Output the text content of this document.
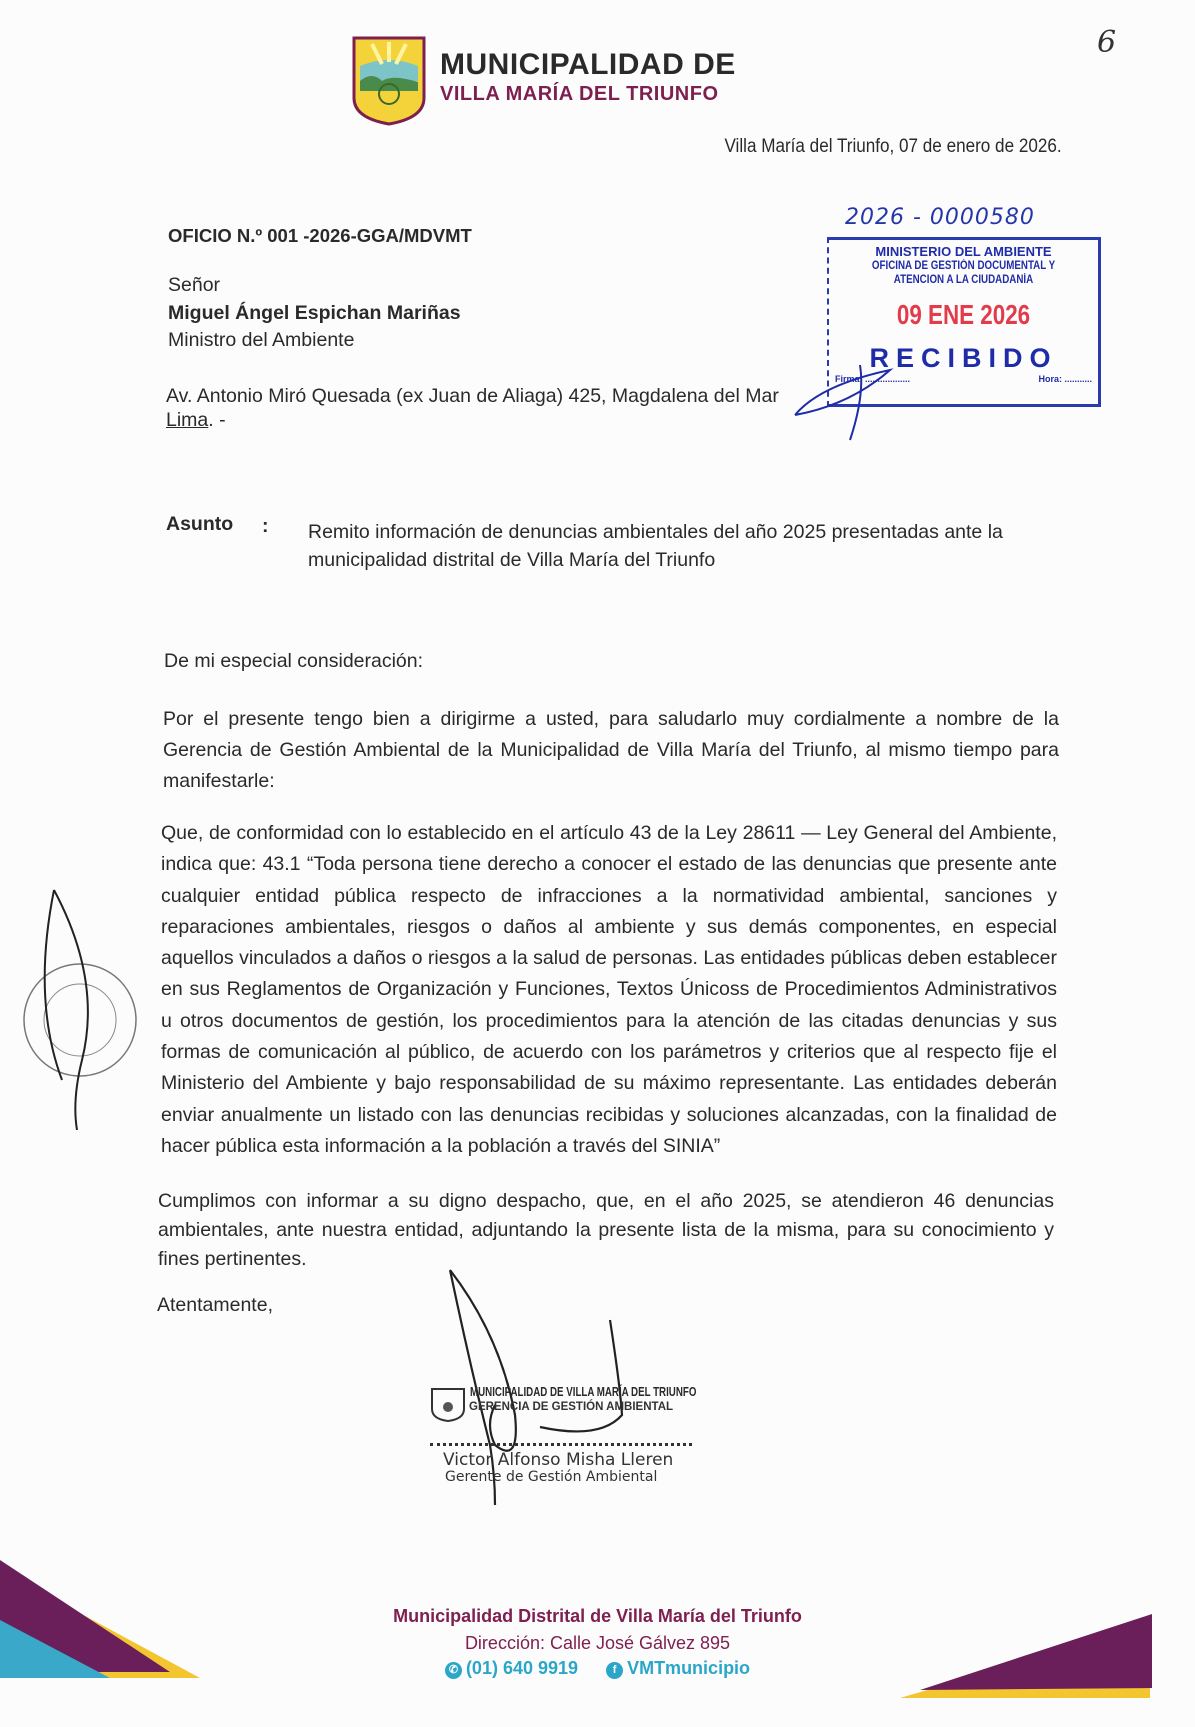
MUNICIPALIDAD DE
VILLA MARÍA DEL TRIUNFO
6
Villa María del Triunfo, 07 de enero de 2026.
OFICIO N.º 001 -2026-GGA/MDVMT
Señor
Miguel Ángel Espichan Mariñas
Ministro del Ambiente
Av. Antonio Miró Quesada (ex Juan de Aliaga) 425, Magdalena del Mar
Lima. -
2026 - 0000580
MINISTERIO DEL AMBIENTE
OFICINA DE GESTIÓN DOCUMENTAL Y
ATENCION A LA CIUDADANÍA
09 ENE 2026
RECIBIDO
Firma: ..................	Hora: ...........
Asunto : Remito información de denuncias ambientales del año 2025 presentadas ante la municipalidad distrital de Villa María del Triunfo
De mi especial consideración:
Por el presente tengo bien a dirigirme a usted, para saludarlo muy cordialmente a nombre de la Gerencia de Gestión Ambiental de la Municipalidad de Villa María del Triunfo, al mismo tiempo para manifestarle:
Que, de conformidad con lo establecido en el artículo 43 de la Ley 28611 — Ley General del Ambiente, indica que: 43.1 “Toda persona tiene derecho a conocer el estado de las denuncias que presente ante cualquier entidad pública respecto de infracciones a la normatividad ambiental, sanciones y reparaciones ambientales, riesgos o daños al ambiente y sus demás componentes, en especial aquellos vinculados a daños o riesgos a la salud de personas. Las entidades públicas deben establecer en sus Reglamentos de Organización y Funciones, Textos Únicoss de Procedimientos Administrativos u otros documentos de gestión, los procedimientos para la atención de las citadas denuncias y sus formas de comunicación al público, de acuerdo con los parámetros y criterios que al respecto fije el Ministerio del Ambiente y bajo responsabilidad de su máximo representante. Las entidades deberán enviar anualmente un listado con las denuncias recibidas y soluciones alcanzadas, con la finalidad de hacer pública esta información a la población a través del SINIA”
Cumplimos con informar a su digno despacho, que, en el año 2025, se atendieron 46 denuncias ambientales, ante nuestra entidad, adjuntando la presente lista de la misma, para su conocimiento y fines pertinentes.
Atentamente,
MUNICIPALIDAD DE VILLA MARÍA DEL TRIUNFO
GERENCIA DE GESTIÓN AMBIENTAL
Victor Alfonso Misha Lleren
Gerente de Gestión Ambiental
Municipalidad Distrital de Villa María del Triunfo
Dirección: Calle José Gálvez 895
✆ (01) 640 9919	f VMTmunicipio
